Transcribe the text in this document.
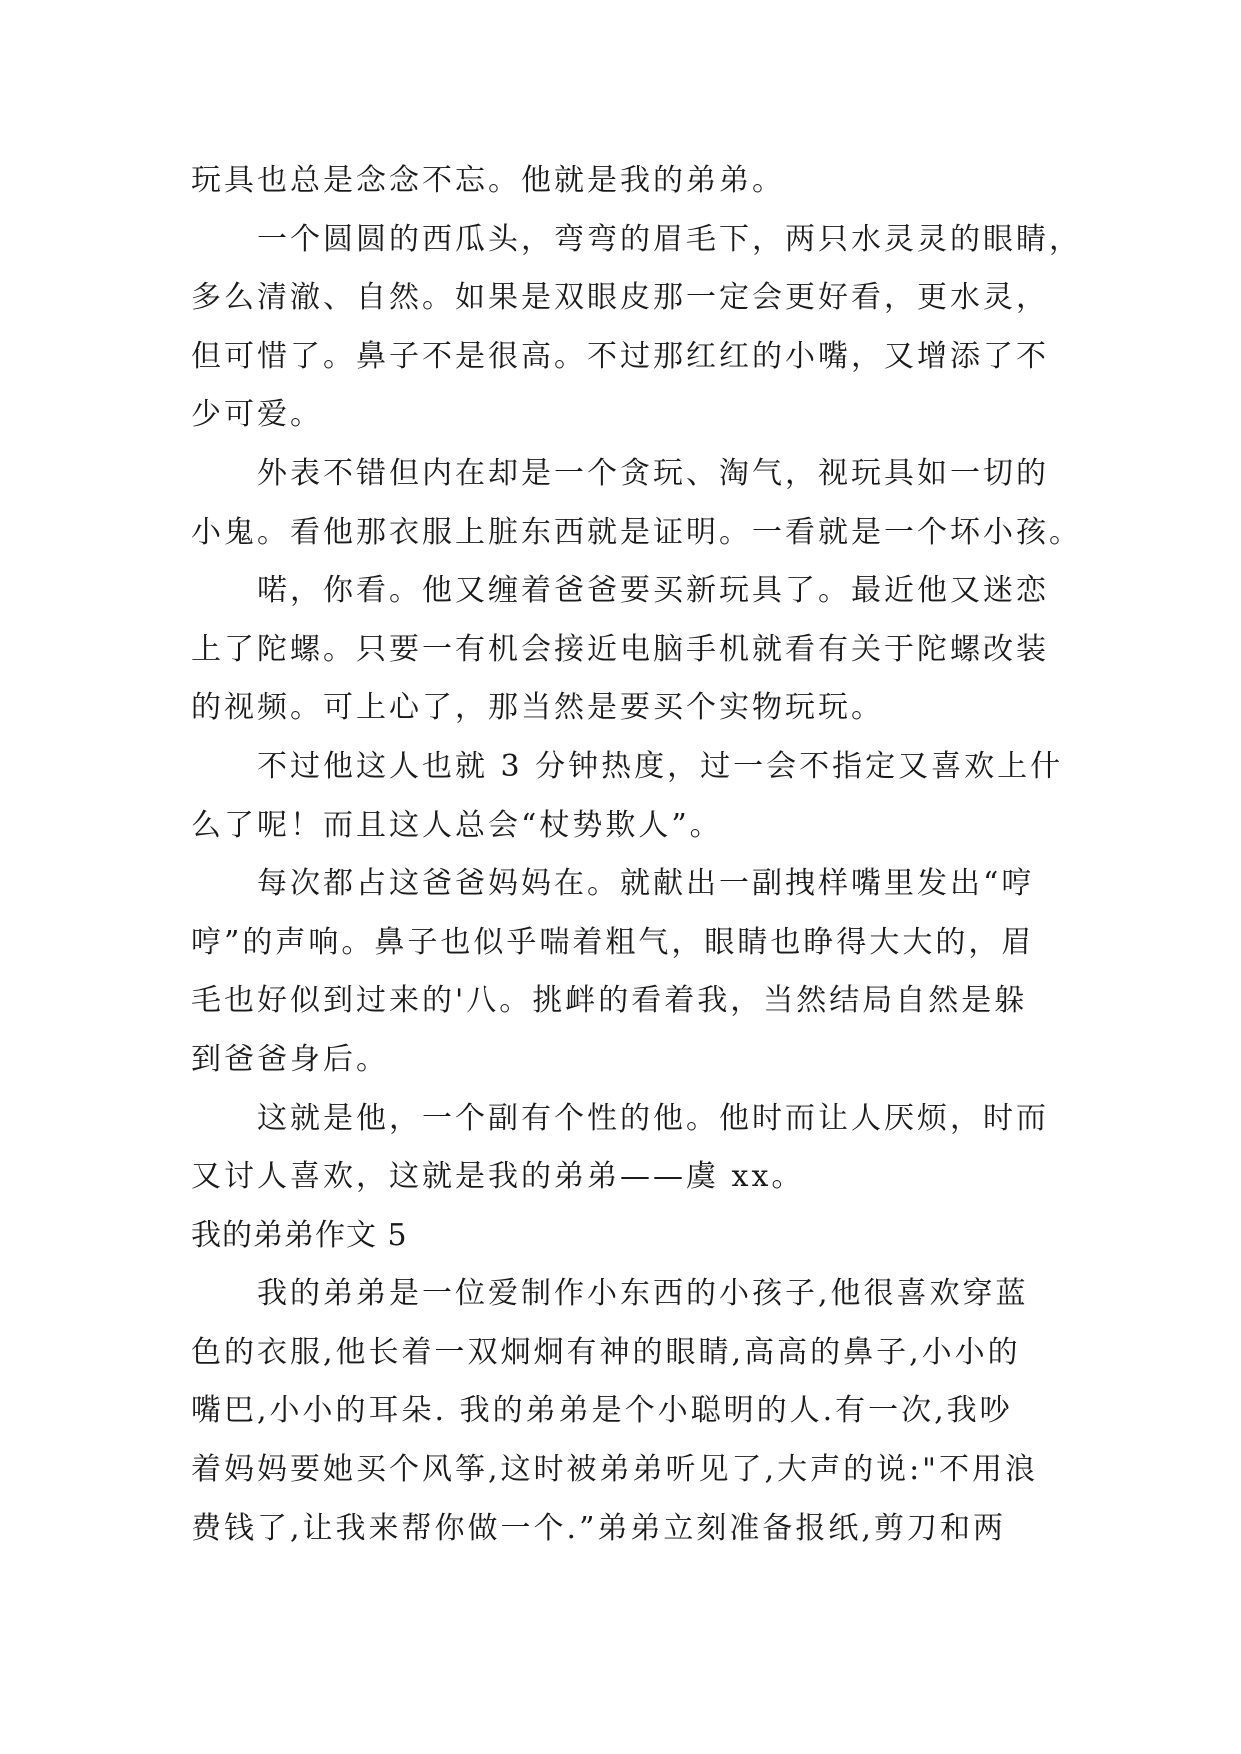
玩具也总是念念不忘。他就是我的弟弟。
一个圆圆的西瓜头，弯弯的眉毛下，两只水灵灵的眼睛，
多么清澈、自然。如果是双眼皮那一定会更好看，更水灵，
但可惜了。鼻子不是很高。不过那红红的小嘴，又增添了不
少可爱。
外表不错但内在却是一个贪玩、淘气，视玩具如一切的
小鬼。看他那衣服上脏东西就是证明。一看就是一个坏小孩。
喏，你看。他又缠着爸爸要买新玩具了。最近他又迷恋
上了陀螺。只要一有机会接近电脑手机就看有关于陀螺改装
的视频。可上心了，那当然是要买个实物玩玩。
不过他这人也就 3 分钟热度，过一会不指定又喜欢上什
么了呢！而且这人总会“杖势欺人”。
每次都占这爸爸妈妈在。就献出一副拽样嘴里发出“哼
哼”的声响。鼻子也似乎喘着粗气，眼睛也睁得大大的，眉
毛也好似到过来的'八。挑衅的看着我，当然结局自然是躲
到爸爸身后。
这就是他，一个副有个性的他。他时而让人厌烦，时而
又讨人喜欢，这就是我的弟弟——虞 xx。
我的弟弟作文 5
我的弟弟是一位爱制作小东西的小孩子,他很喜欢穿蓝
色的衣服,他长着一双炯炯有神的眼睛,高高的鼻子,小小的
嘴巴,小小的耳朵. 我的弟弟是个小聪明的人.有一次,我吵
着妈妈要她买个风筝,这时被弟弟听见了,大声的说:"不用浪
费钱了,让我来帮你做一个.”弟弟立刻准备报纸,剪刀和两
